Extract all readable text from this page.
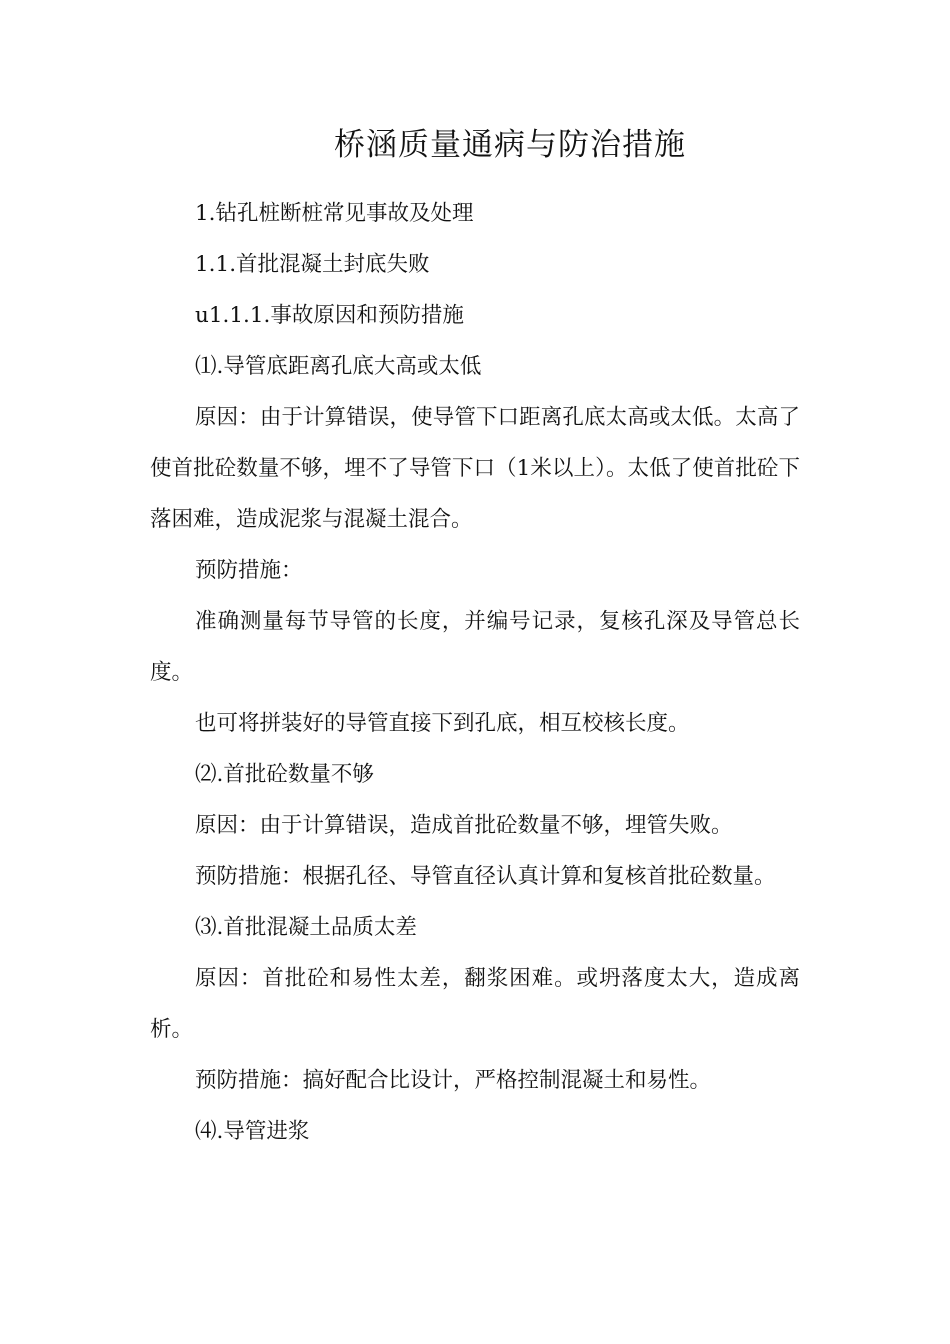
桥涵质量通病与防治措施

1.钻孔桩断桩常见事故及处理

1.1.首批混凝土封底失败

u1.1.1.事故原因和预防措施

⑴.导管底距离孔底大高或太低

原因：由于计算错误，使导管下口距离孔底太高或太低。太高了使首批砼数量不够，埋不了导管下口（1米以上）。太低了使首批砼下落困难，造成泥浆与混凝土混合。

预防措施：

准确测量每节导管的长度，并编号记录，复核孔深及导管总长度。

也可将拼装好的导管直接下到孔底，相互校核长度。

⑵.首批砼数量不够

原因：由于计算错误，造成首批砼数量不够，埋管失败。

预防措施：根据孔径、导管直径认真计算和复核首批砼数量。

⑶.首批混凝土品质太差

原因：首批砼和易性太差，翻浆困难。或坍落度太大，造成离析。

预防措施：搞好配合比设计，严格控制混凝土和易性。

⑷.导管进浆
